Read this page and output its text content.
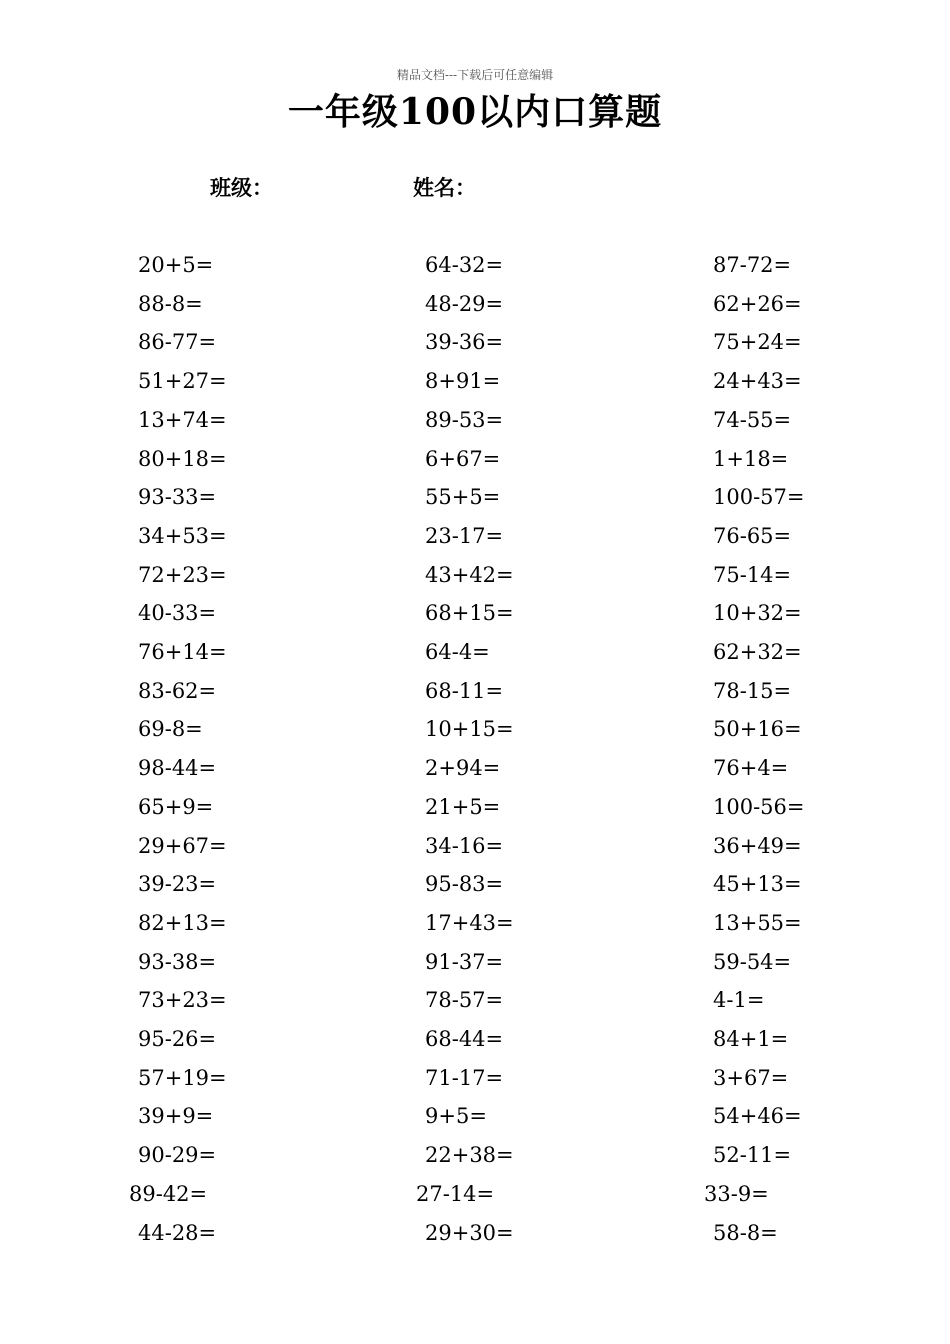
精品文档---下载后可任意编辑
一年级100以内口算题
班级：	姓名：
20+5=
88-8=
86-77=
51+27=
13+74=
80+18=
93-33=
34+53=
72+23=
40-33=
76+14=
83-62=
69-8=
98-44=
65+9=
29+67=
39-23=
82+13=
93-38=
73+23=
95-26=
57+19=
39+9=
90-29=
89-42=
44-28=
64-32=
48-29=
39-36=
8+91=
89-53=
6+67=
55+5=
23-17=
43+42=
68+15=
64-4=
68-11=
10+15=
2+94=
21+5=
34-16=
95-83=
17+43=
91-37=
78-57=
68-44=
71-17=
9+5=
22+38=
27-14=
29+30=
87-72=
62+26=
75+24=
24+43=
74-55=
1+18=
100-57=
76-65=
75-14=
10+32=
62+32=
78-15=
50+16=
76+4=
100-56=
36+49=
45+13=
13+55=
59-54=
4-1=
84+1=
3+67=
54+46=
52-11=
33-9=
58-8=
